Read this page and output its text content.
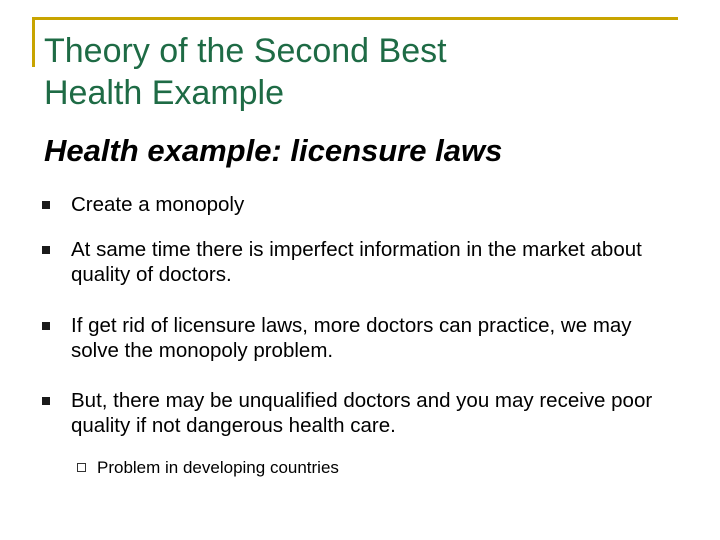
Theory of the Second Best
Health Example
Health example: licensure laws
Create a monopoly
At same time there is imperfect information in the market about quality of doctors.
If get rid of licensure laws, more doctors can practice, we may solve the monopoly problem.
But, there may be unqualified doctors and you may receive poor quality if not dangerous health care.
Problem in developing countries
